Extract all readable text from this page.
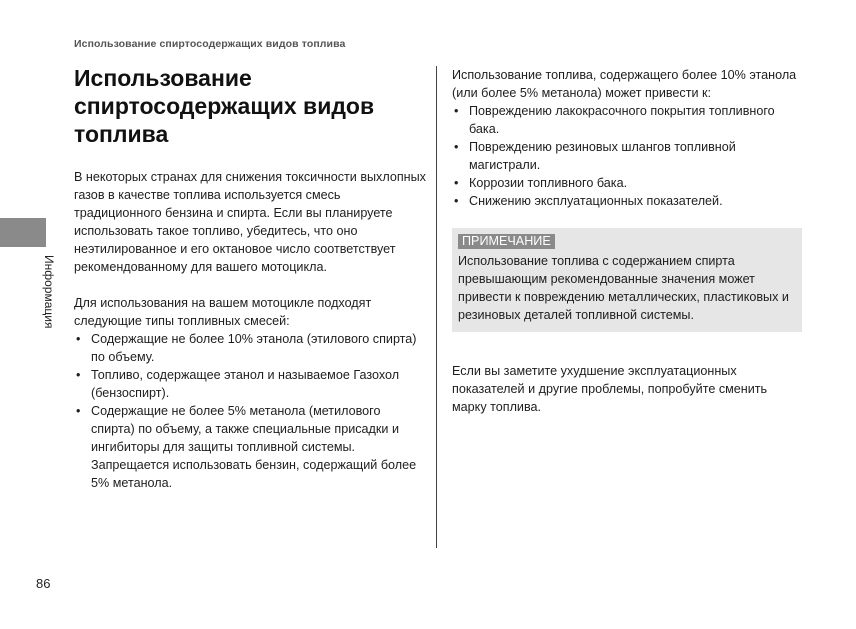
Использование спиртосодержащих видов топлива
Информация
Использование спиртосодержащих видов топлива

В некоторых странах для снижения токсичности выхлопных газов в качестве топлива используется смесь традиционного бензина и спирта. Если вы планируете использовать такое топливо, убедитесь, что оно неэтилированное и его октановое число соответствует рекомендованному для вашего мотоцикла.

Для использования на вашем мотоцикле подходят следующие типы топливных смесей:

• Содержащие не более 10% этанола (этилового спирта) по объему.
• Топливо, содержащее этанол и называемое Газохол (бензоспирт).
• Содержащие не более 5% метанола (метилового спирта) по объему, а также специальные присадки и ингибиторы для защиты топливной системы. Запрещается использовать бензин, содержащий более 5% метанола.

Использование топлива, содержащего более 10% этанола (или более 5% метанола) может привести к:

• Повреждению лакокрасочного покрытия топливного бака.
• Повреждению резиновых шлангов топливной магистрали.
• Коррозии топливного бака.
• Снижению эксплуатационных показателей.
ПРИМЕЧАНИЕ

Использование топлива с содержанием спирта превышающим рекомендованные значения может привести к повреждению металлических, пластиковых и резиновых деталей топливной системы.

Если вы заметите ухудшение эксплуатационных показателей и другие проблемы, попробуйте сменить марку топлива.

86
